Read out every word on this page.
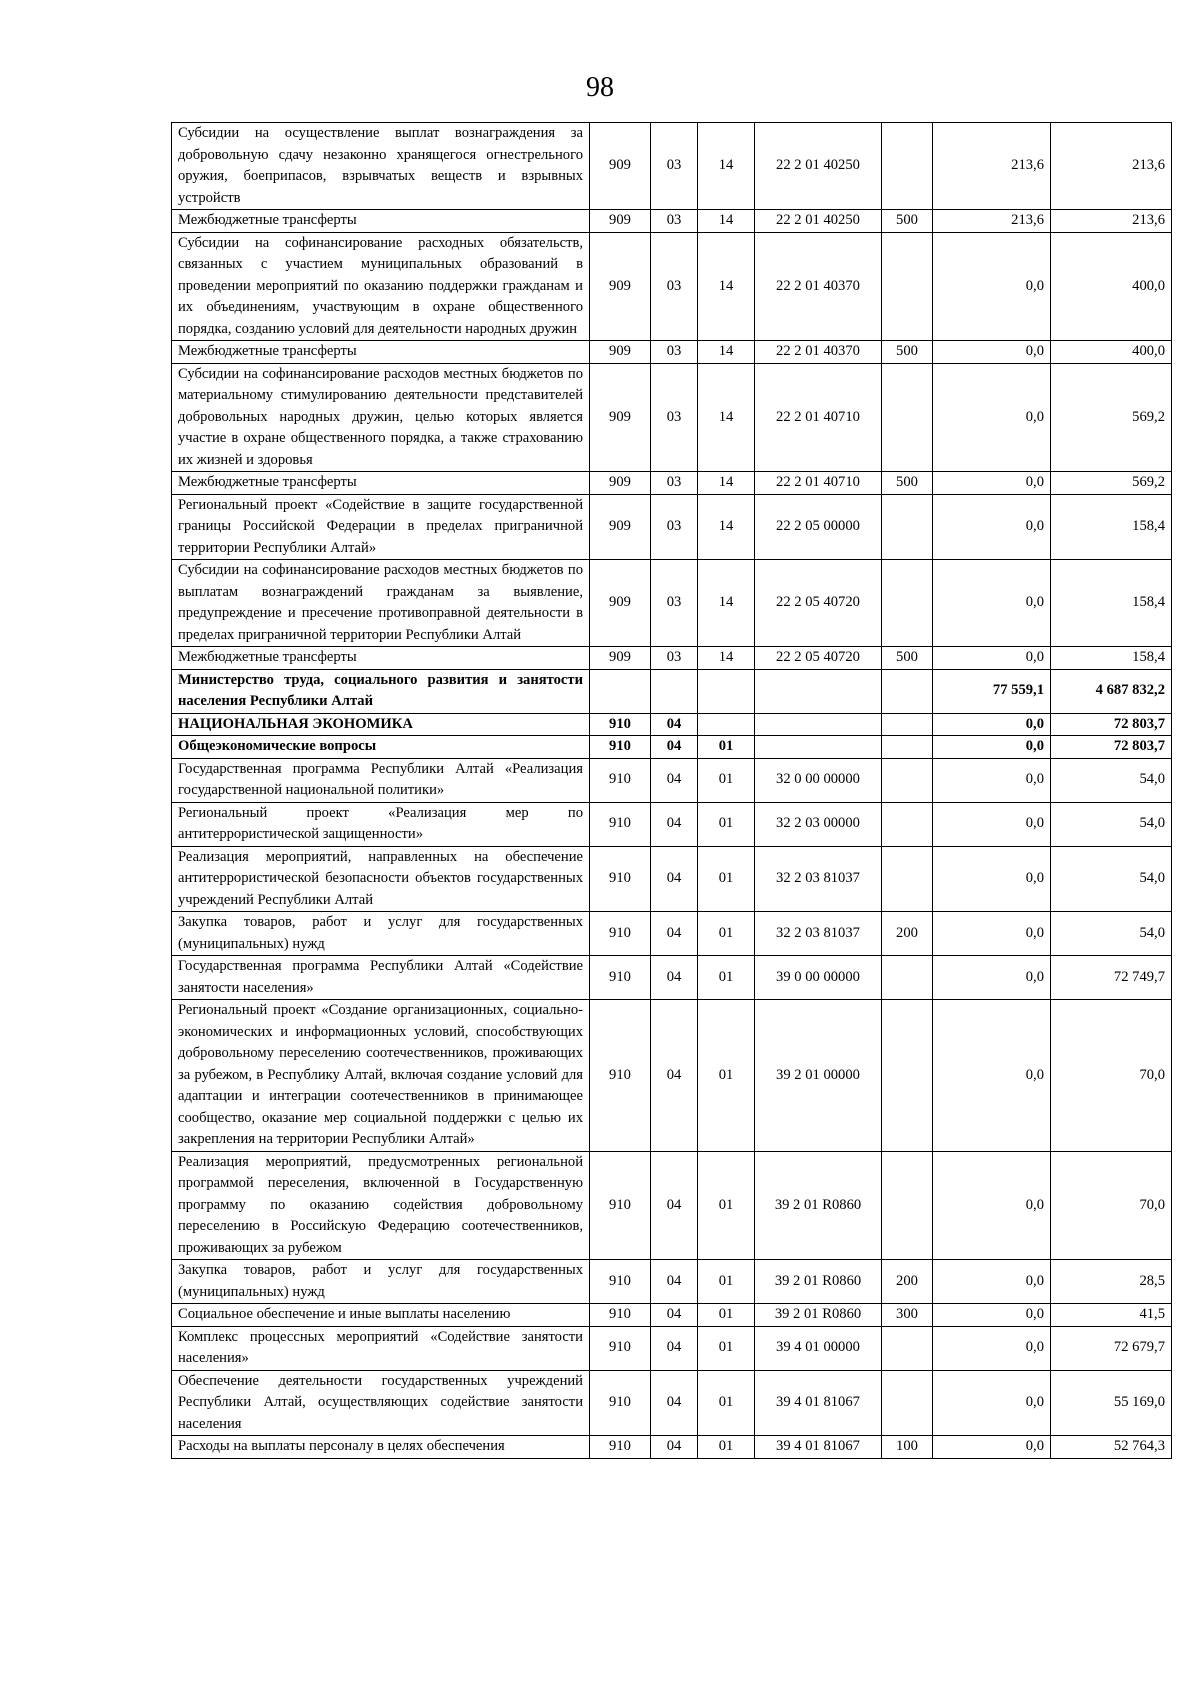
98
Субсидии на осуществление выплат вознаграждения за добровольную сдачу незаконно хранящегося огнестрельного оружия, боеприпасов, взрывчатых веществ и взрывных устройств	909	03	14	22 2 01 40250		213,6	213,6
Межбюджетные трансферты	909	03	14	22 2 01 40250	500	213,6	213,6
Субсидии на софинансирование расходных обязательств, связанных с участием муниципальных образований в проведении мероприятий по оказанию поддержки гражданам и их объединениям, участвующим в охране общественного порядка, созданию условий для деятельности народных дружин	909	03	14	22 2 01 40370		0,0	400,0
Межбюджетные трансферты	909	03	14	22 2 01 40370	500	0,0	400,0
Субсидии на софинансирование расходов местных бюджетов по материальному стимулированию деятельности представителей добровольных народных дружин, целью которых является участие в охране общественного порядка, а также страхованию их жизней и здоровья	909	03	14	22 2 01 40710		0,0	569,2
Межбюджетные трансферты	909	03	14	22 2 01 40710	500	0,0	569,2
Региональный проект «Содействие в защите государственной границы Российской Федерации в пределах приграничной территории Республики Алтай»	909	03	14	22 2 05 00000		0,0	158,4
Субсидии на софинансирование расходов местных бюджетов по выплатам вознаграждений гражданам за выявление, предупреждение и пресечение противоправной деятельности в пределах приграничной территории Республики Алтай	909	03	14	22 2 05 40720		0,0	158,4
Межбюджетные трансферты	909	03	14	22 2 05 40720	500	0,0	158,4
Министерство труда, социального развития и занятости населения Республики Алтай						77 559,1	4 687 832,2
НАЦИОНАЛЬНАЯ ЭКОНОМИКА	910	04				0,0	72 803,7
Общеэкономические вопросы	910	04	01			0,0	72 803,7
Государственная программа Республики Алтай «Реализация государственной национальной политики»	910	04	01	32 0 00 00000		0,0	54,0
Региональный проект «Реализация мер по антитеррористической защищенности»	910	04	01	32 2 03 00000		0,0	54,0
Реализация мероприятий, направленных на обеспечение антитеррористической безопасности объектов государственных учреждений Республики Алтай	910	04	01	32 2 03 81037		0,0	54,0
Закупка товаров, работ и услуг для государственных (муниципальных) нужд	910	04	01	32 2 03 81037	200	0,0	54,0
Государственная программа Республики Алтай «Содействие занятости населения»	910	04	01	39 0 00 00000		0,0	72 749,7
Региональный проект «Создание организационных, социально-экономических и информационных условий, способствующих добровольному переселению соотечественников, проживающих за рубежом, в Республику Алтай, включая создание условий для адаптации и интеграции соотечественников в принимающее сообщество, оказание мер социальной поддержки с целью их закрепления на территории Республики Алтай»	910	04	01	39 2 01 00000		0,0	70,0
Реализация мероприятий, предусмотренных региональной программой переселения, включенной в Государственную программу по оказанию содействия добровольному переселению в Российскую Федерацию соотечественников, проживающих за рубежом	910	04	01	39 2 01 R0860		0,0	70,0
Закупка товаров, работ и услуг для государственных (муниципальных) нужд	910	04	01	39 2 01 R0860	200	0,0	28,5
Социальное обеспечение и иные выплаты населению	910	04	01	39 2 01 R0860	300	0,0	41,5
Комплекс процессных мероприятий «Содействие занятости населения»	910	04	01	39 4 01 00000		0,0	72 679,7
Обеспечение деятельности государственных учреждений Республики Алтай, осуществляющих содействие занятости населения	910	04	01	39 4 01 81067		0,0	55 169,0
Расходы на выплаты персоналу в целях обеспечения	910	04	01	39 4 01 81067	100	0,0	52 764,3
